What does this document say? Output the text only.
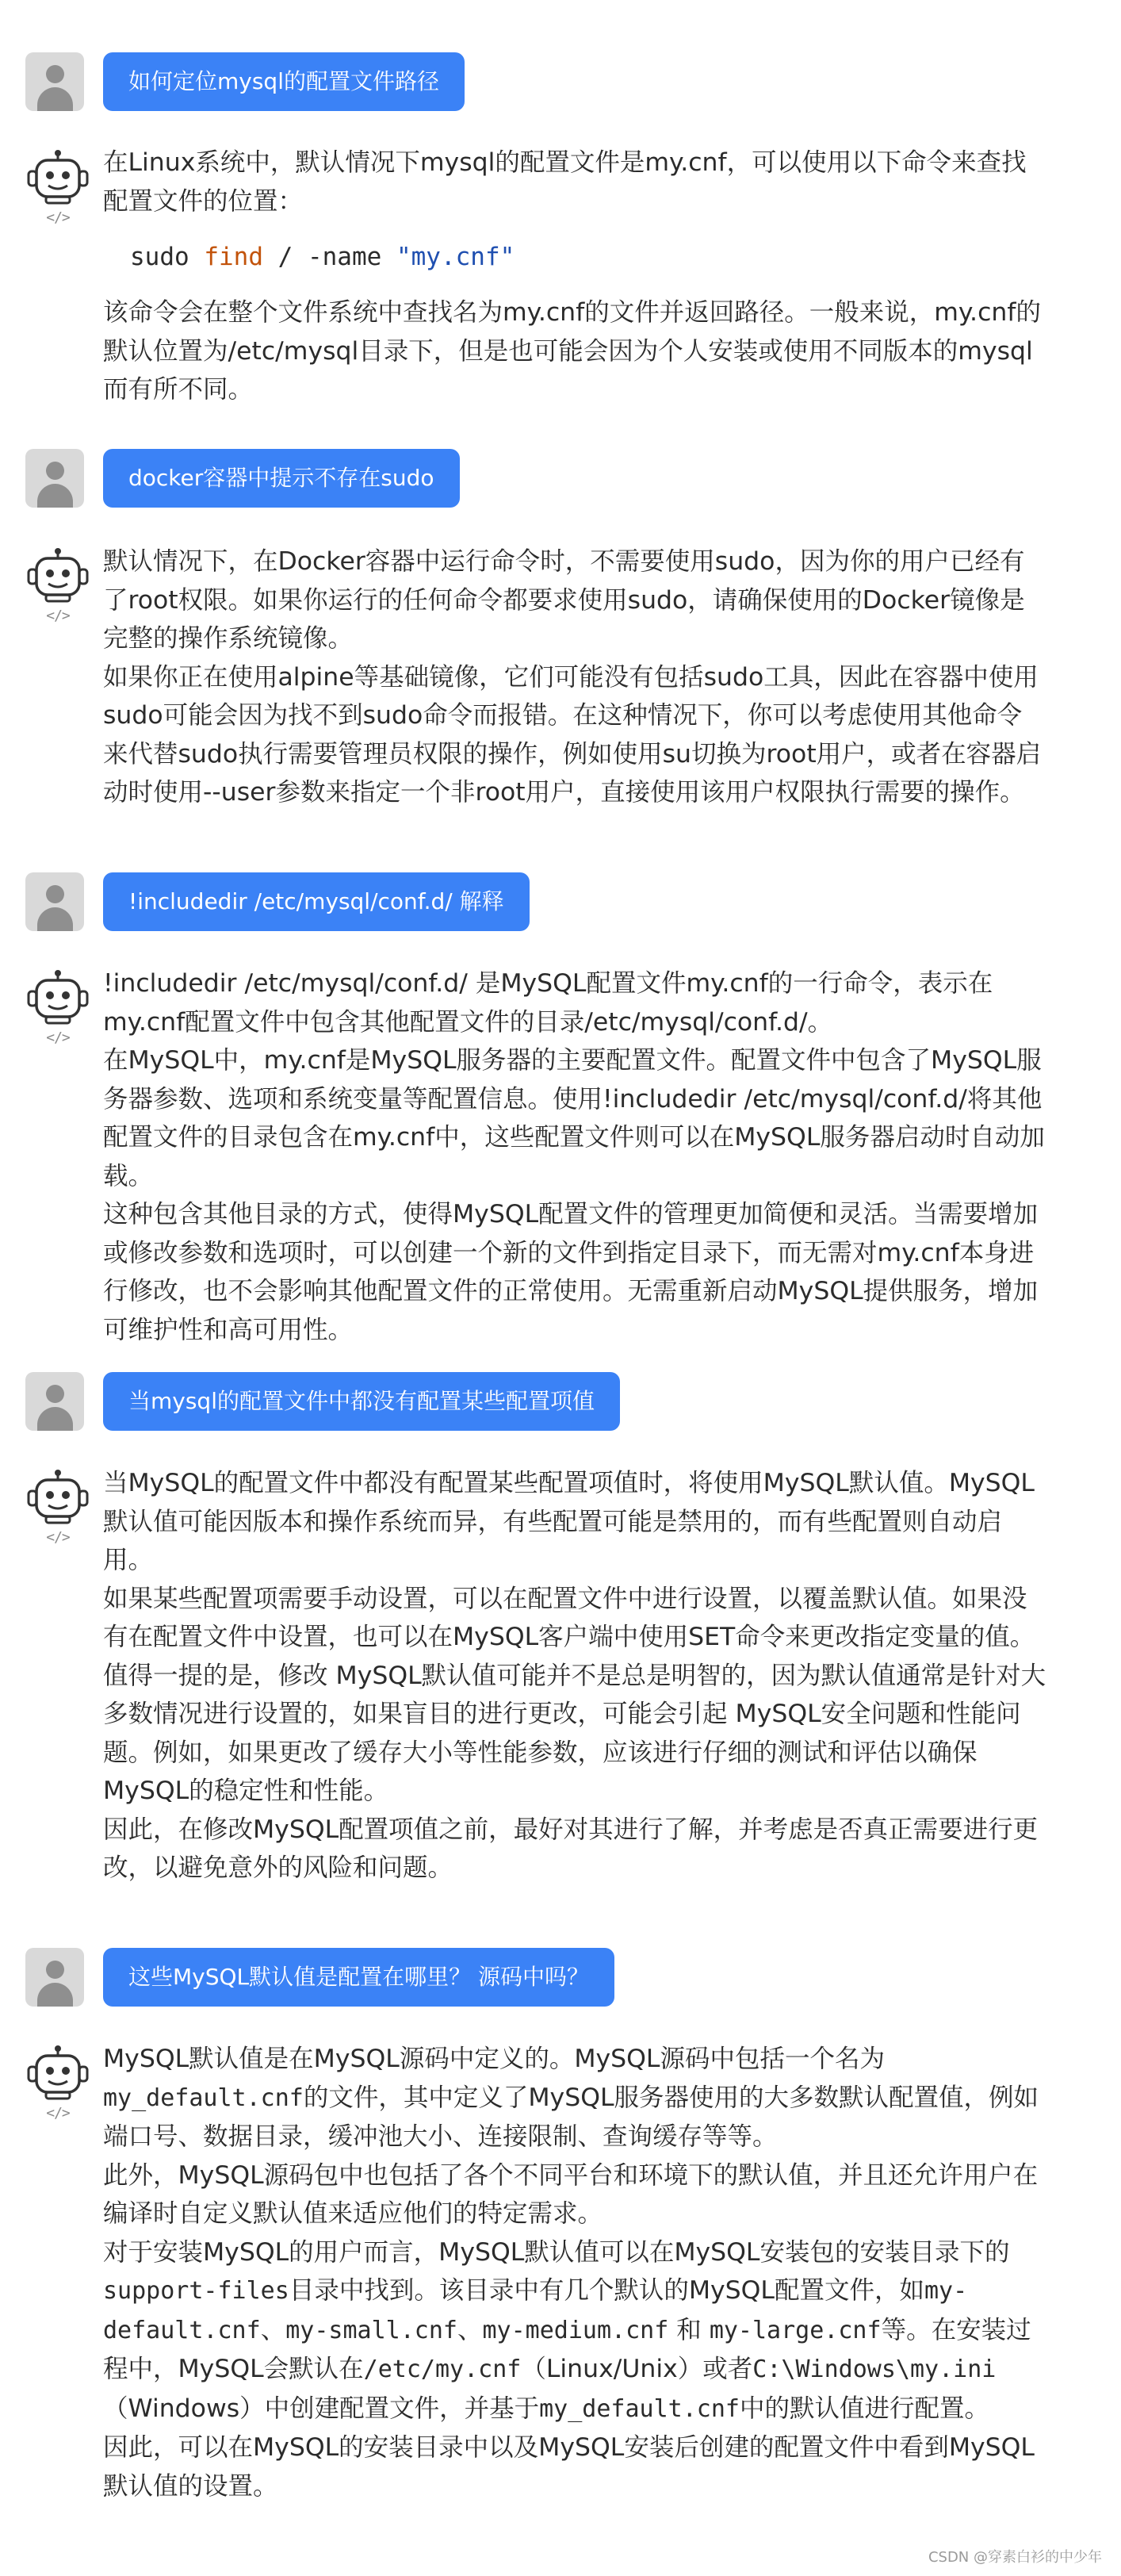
如何定位mysql的配置文件路径
</>

在Linux系统中，默认情况下mysql的配置文件是my.cnf，可以使用以下命令来查找配置文件的位置：

sudo find / -name "my.cnf"

该命令会在整个文件系统中查找名为my.cnf的文件并返回路径。一般来说，my.cnf的默认位置为/etc/mysql目录下，但是也可能会因为个人安装或使用不同版本的mysql而有所不同。

docker容器中提示不存在sudo
</>

默认情况下，在Docker容器中运行命令时，不需要使用sudo，因为你的用户已经有了root权限。如果你运行的任何命令都要求使用sudo，请确保使用的Docker镜像是完整的操作系统镜像。

如果你正在使用alpine等基础镜像，它们可能没有包括sudo工具，因此在容器中使用sudo可能会因为找不到sudo命令而报错。在这种情况下，你可以考虑使用其他命令来代替sudo执行需要管理员权限的操作，例如使用su切换为root用户，或者在容器启动时使用--user参数来指定一个非root用户，直接使用该用户权限执行需要的操作。

!includedir /etc/mysql/conf.d/ 解释
</>

!includedir /etc/mysql/conf.d/ 是MySQL配置文件my.cnf的一行命令，表示在my.cnf配置文件中包含其他配置文件的目录/etc/mysql/conf.d/。

在MySQL中，my.cnf是MySQL服务器的主要配置文件。配置文件中包含了MySQL服务器参数、选项和系统变量等配置信息。使用!includedir /etc/mysql/conf.d/将其他配置文件的目录包含在my.cnf中，这些配置文件则可以在MySQL服务器启动时自动加载。

这种包含其他目录的方式，使得MySQL配置文件的管理更加简便和灵活。当需要增加或修改参数和选项时，可以创建一个新的文件到指定目录下，而无需对my.cnf本身进行修改，也不会影响其他配置文件的正常使用。无需重新启动MySQL提供服务，增加可维护性和高可用性。

当mysql的配置文件中都没有配置某些配置项值
</>

当MySQL的配置文件中都没有配置某些配置项值时，将使用MySQL默认值。MySQL默认值可能因版本和操作系统而异，有些配置可能是禁用的，而有些配置则自动启用。

如果某些配置项需要手动设置，可以在配置文件中进行设置，以覆盖默认值。如果没有在配置文件中设置，也可以在MySQL客户端中使用SET命令来更改指定变量的值。

值得一提的是，修改 MySQL默认值可能并不是总是明智的，因为默认值通常是针对大多数情况进行设置的，如果盲目的进行更改，可能会引起 MySQL安全问题和性能问题。例如，如果更改了缓存大小等性能参数，应该进行仔细的测试和评估以确保MySQL的稳定性和性能。

因此，在修改MySQL配置项值之前，最好对其进行了解，并考虑是否真正需要进行更改，以避免意外的风险和问题。

这些MySQL默认值是配置在哪里？ 源码中吗？
</>

MySQL默认值是在MySQL源码中定义的。MySQL源码中包括一个名为my_default.cnf的文件，其中定义了MySQL服务器使用的大多数默认配置值，例如端口号、数据目录，缓冲池大小、连接限制、查询缓存等等。

此外，MySQL源码包中也包括了各个不同平台和环境下的默认值，并且还允许用户在编译时自定义默认值来适应他们的特定需求。

对于安装MySQL的用户而言，MySQL默认值可以在MySQL安装包的安装目录下的support-files目录中找到。该目录中有几个默认的MySQL配置文件，如my-default.cnf、my-small.cnf、my-medium.cnf 和 my-large.cnf等。在安装过程中，MySQL会默认在/etc/my.cnf（Linux/Unix）或者C:\Windows\my.ini（Windows）中创建配置文件，并基于my_default.cnf中的默认值进行配置。

因此，可以在MySQL的安装目录中以及MySQL安装后创建的配置文件中看到MySQL默认值的设置。

CSDN @穿素白衫的中少年
